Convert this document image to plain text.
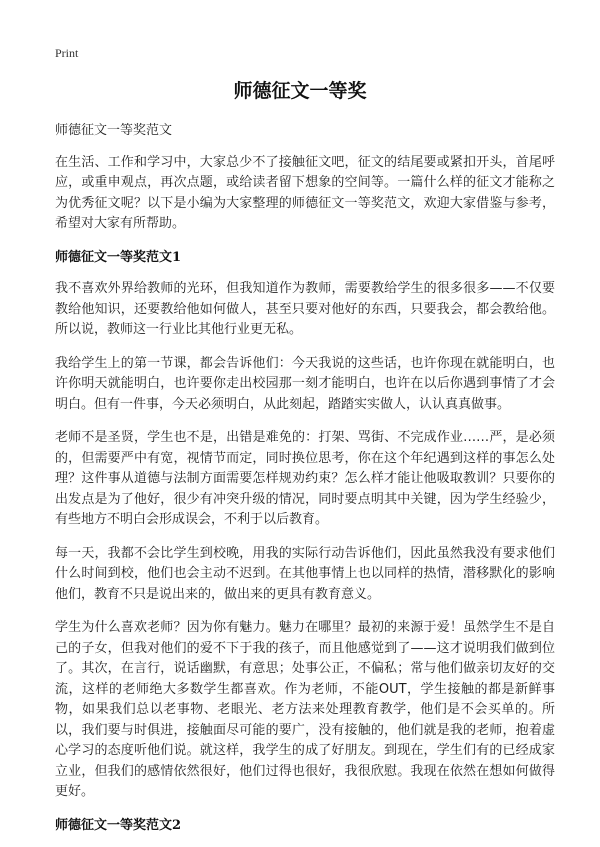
Print
师德征文一等奖

师德征文一等奖范文

在生活、工作和学习中，大家总少不了接触征文吧，征文的结尾要或紧扣开头，首尾呼应，或重申观点，再次点题，或给读者留下想象的空间等。一篇什么样的征文才能称之为优秀征文呢？以下是小编为大家整理的师德征文一等奖范文，欢迎大家借鉴与参考，希望对大家有所帮助。

师德征文一等奖范文1

我不喜欢外界给教师的光环，但我知道作为教师，需要教给学生的很多很多——不仅要教给他知识，还要教给他如何做人，甚至只要对他好的东西，只要我会，都会教给他。所以说，教师这一行业比其他行业更无私。

我给学生上的第一节课，都会告诉他们：今天我说的这些话，也许你现在就能明白，也许你明天就能明白，也许要你走出校园那一刻才能明白，也许在以后你遇到事情了才会明白。但有一件事，今天必须明白，从此刻起，踏踏实实做人，认认真真做事。

老师不是圣贤，学生也不是，出错是难免的：打架、骂街、不完成作业……严，是必须的，但需要严中有宽，视情节而定，同时换位思考，你在这个年纪遇到这样的事怎么处理？这件事从道德与法制方面需要怎样规劝约束？怎么样才能让他吸取教训？只要你的出发点是为了他好，很少有冲突升级的情况，同时要点明其中关键，因为学生经验少，有些地方不明白会形成误会，不利于以后教育。

每一天，我都不会比学生到校晚，用我的实际行动告诉他们，因此虽然我没有要求他们什么时间到校，他们也会主动不迟到。在其他事情上也以同样的热情，潜移默化的影响他们，教育不只是说出来的，做出来的更具有教育意义。

学生为什么喜欢老师？因为你有魅力。魅力在哪里？最初的来源于爱！虽然学生不是自己的子女，但我对他们的爱不下于我的孩子，而且他感觉到了——这才说明我们做到位了。其次，在言行，说话幽默，有意思；处事公正，不偏私；常与他们做亲切友好的交流，这样的老师绝大多数学生都喜欢。作为老师，不能OUT，学生接触的都是新鲜事物，如果我们总以老事物、老眼光、老方法来处理教育教学，他们是不会买单的。所以，我们要与时俱进，接触面尽可能的要广，没有接触的，他们就是我的老师，抱着虚心学习的态度听他们说。就这样，我学生的成了好朋友。到现在，学生们有的已经成家立业，但我们的感情依然很好，他们过得也很好，我很欣慰。我现在依然在想如何做得更好。

师德征文一等奖范文2
